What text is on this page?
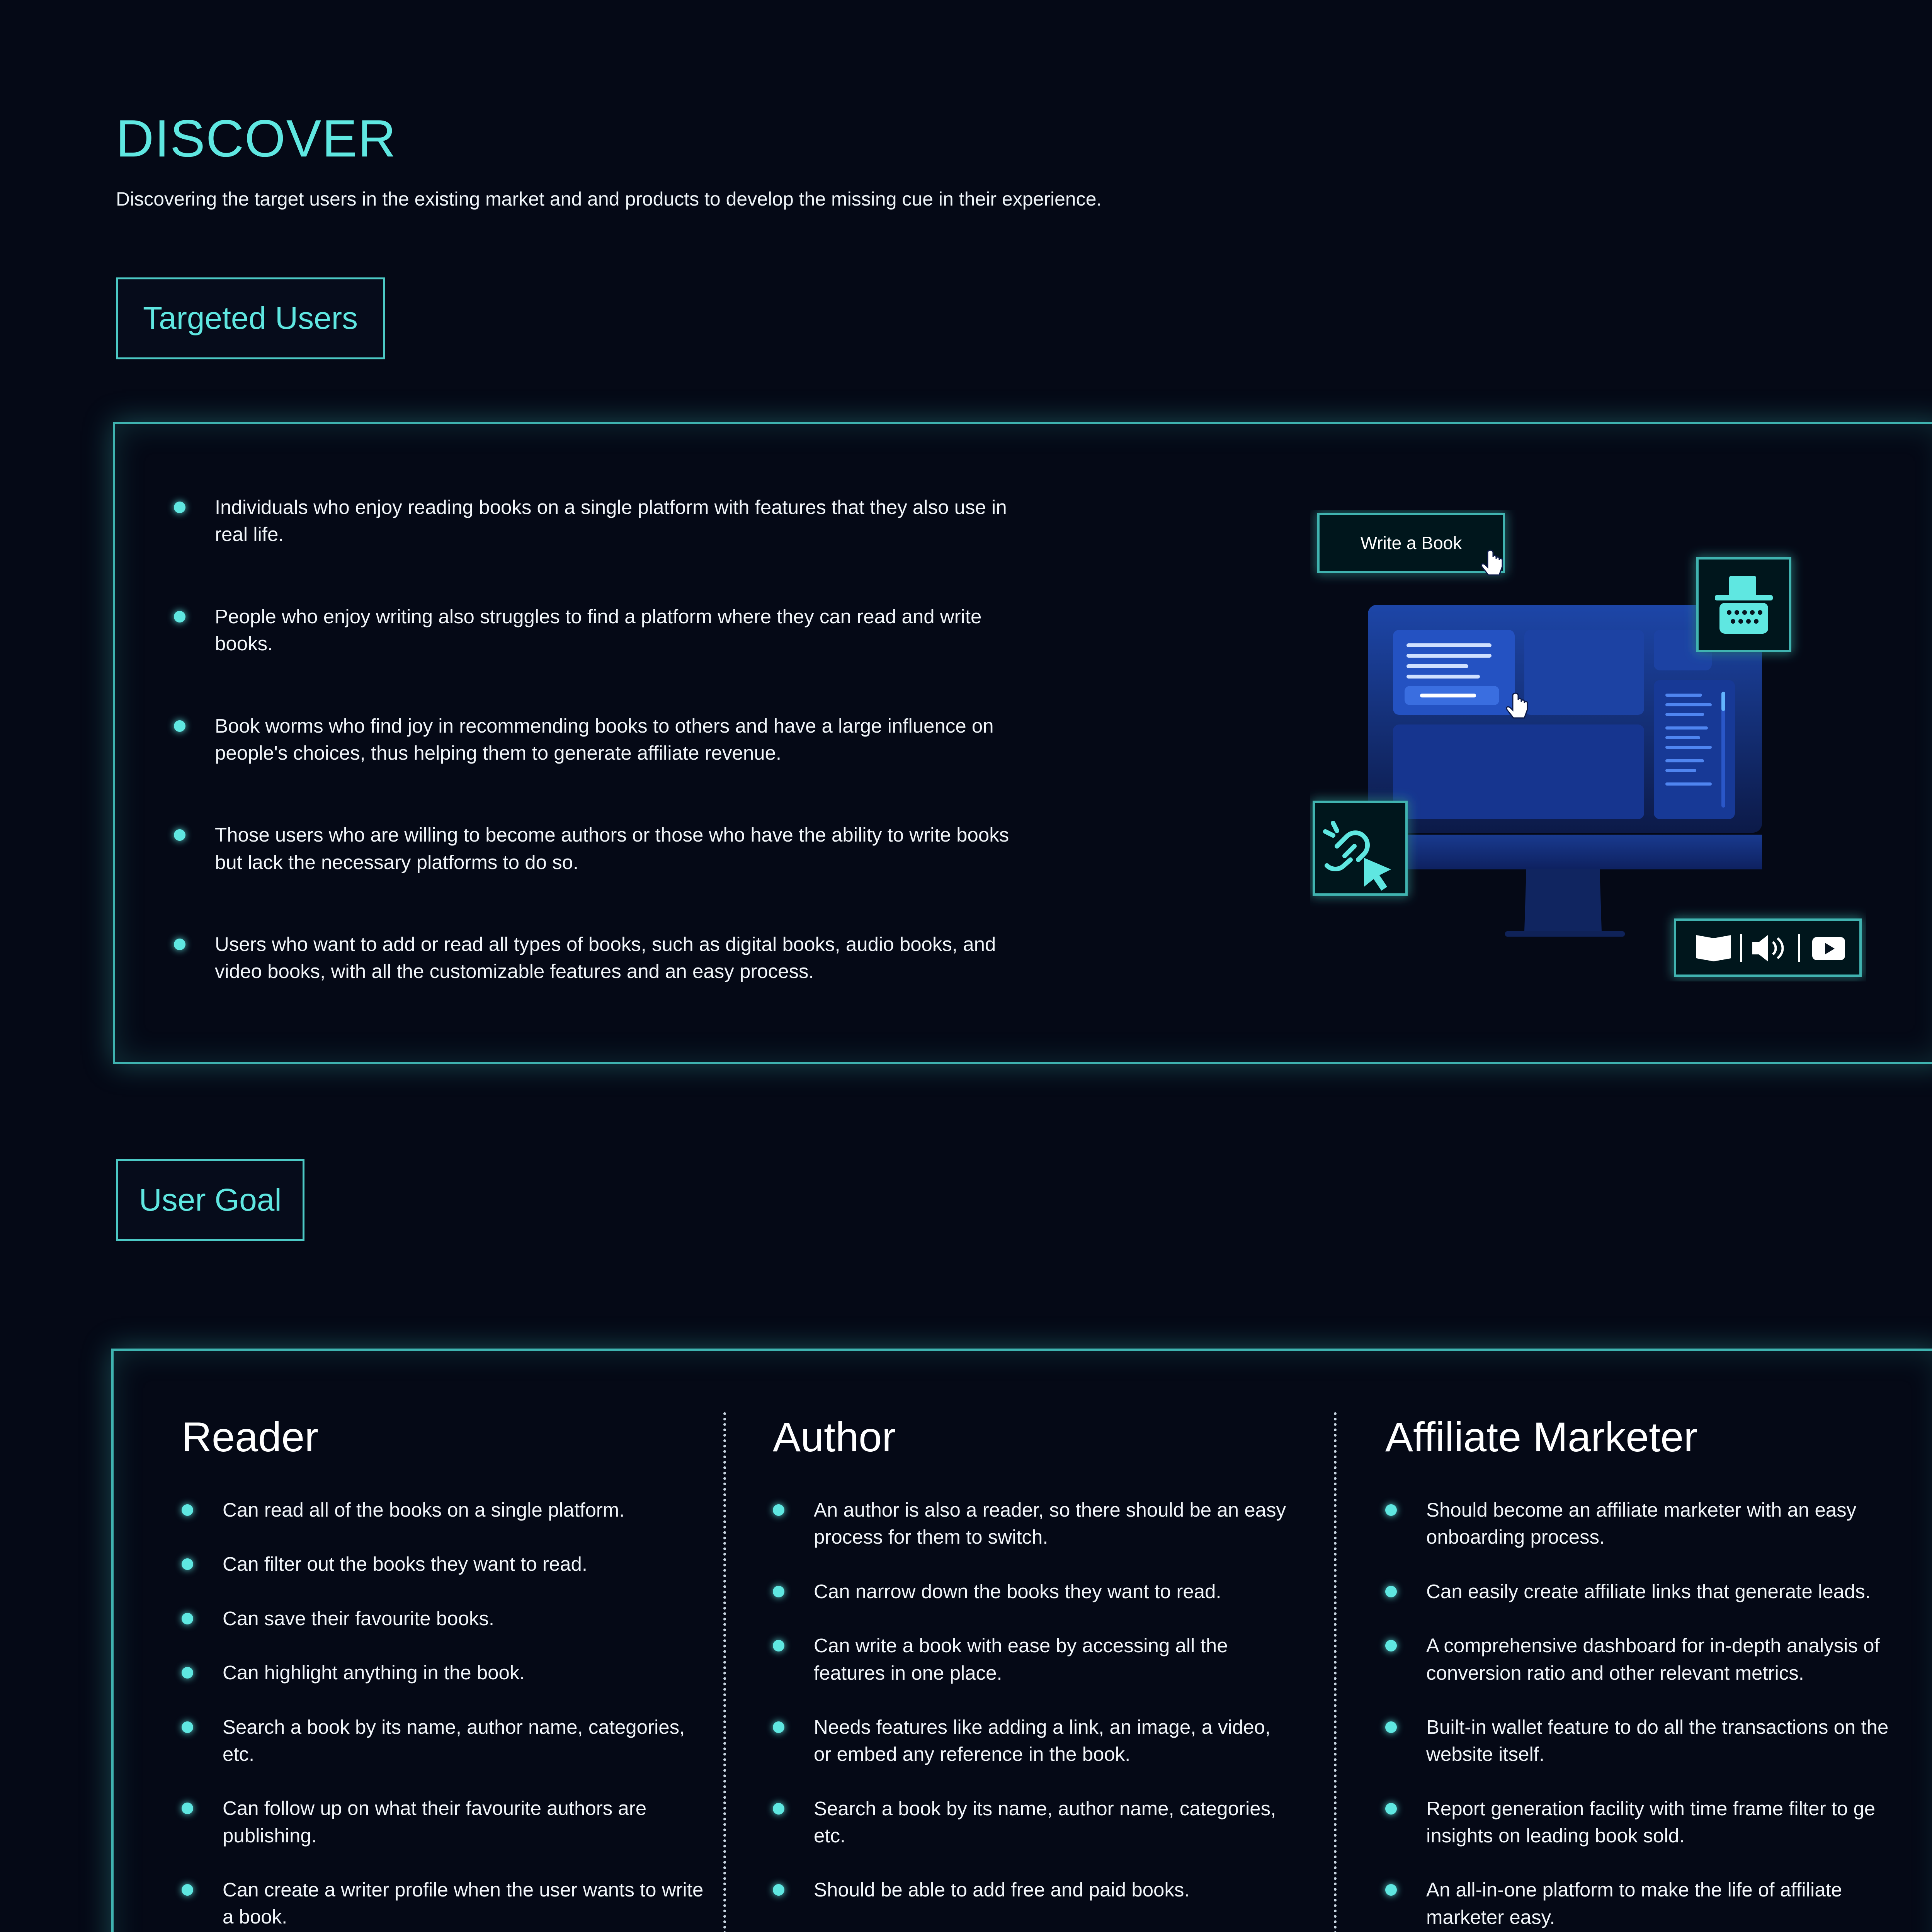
DISCOVER
Discovering the target users in the existing market and and products to develop the missing cue in their experience.
Targeted Users
Individuals who enjoy reading books on a single platform with features that they also use in real life.
People who enjoy writing also struggles to find a platform where they can read and write books.
Book worms who find joy in recommending books to others and have a large influence on people's choices, thus helping them to generate affiliate revenue.
Those users who are willing to become authors or those who have the ability to write books but lack the necessary platforms to do so.
Users who want to add or read all types of books, such as digital books, audio books, and video books, with all the customizable features and an easy process.
Write a Book
User Goal
Reader
Can read all of the books on a single platform.
Can filter out the books they want to read.
Can save their favourite books.
Can highlight anything in the book.
Search a book by its name, author name, categories, etc.
Can follow up on what their favourite authors are publishing.
Can create a writer profile when the user wants to write a book.
Author
An author is also a reader, so there should be an easy process for them to switch.
Can narrow down the books they want to read.
Can write a book with ease by accessing all the features in one place.
Needs features like adding a link, an image, a video, or embed any reference in the book.
Search a book by its name, author name, categories, etc.
Should be able to add free and paid books.
Affiliate Marketer
Should become an affiliate marketer with an easy onboarding process.
Can easily create affiliate links that generate leads.
A comprehensive dashboard for in-depth analysis of conversion ratio and other relevant metrics.
Built-in wallet feature to do all the transactions on the website itself.
Report generation facility with time frame filter to ge insights on leading book sold.
An all-in-one platform to make the life of affiliate marketer easy.
